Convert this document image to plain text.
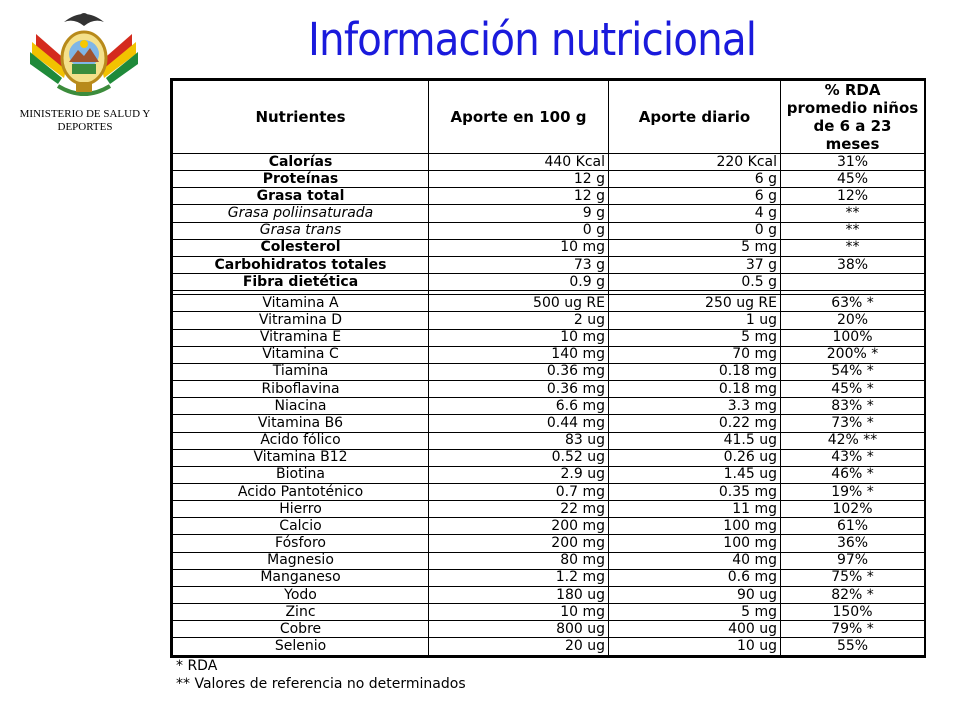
MINISTERIO DE SALUD Y DEPORTES
Información nutricional
Nutrientes	Aporte en 100 g	Aporte diario	% RDA promedio niños de 6 a 23 meses
Calorías	440 Kcal	220 Kcal	31%
Proteínas	12 g	6 g	45%
Grasa total	12 g	6 g	12%
Grasa poliinsaturada	9 g	4 g	**
Grasa trans	0 g	0 g	**
Colesterol	10 mg	5 mg	**
Carbohidratos totales	73 g	37 g	38%
Fibra dietética	0.9 g	0.5 g	

Vitamina A	500 ug RE	250 ug RE	63% *
Vitramina D	2 ug	1 ug	20%
Vitramina E	10 mg	5 mg	100%
Vitamina C	140 mg	70 mg	200% *
Tiamina	0.36 mg	0.18 mg	54% *
Riboflavina	0.36 mg	0.18 mg	45% *
Niacina	6.6 mg	3.3 mg	83% *
Vitamina B6	0.44 mg	0.22 mg	73% *
Acido fólico	83 ug	41.5 ug	42% **
Vitamina B12	0.52 ug	0.26 ug	43% *
Biotina	2.9 ug	1.45 ug	46% *
Acido Pantoténico	0.7 mg	0.35 mg	19% *
Hierro	22 mg	11 mg	102%
Calcio	200 mg	100 mg	61%
Fósforo	200 mg	100 mg	36%
Magnesio	80 mg	40 mg	97%
Manganeso	1.2 mg	0.6 mg	75% *
Yodo	180 ug	90 ug	82% *
Zinc	10 mg	5 mg	150%
Cobre	800 ug	400 ug	79% *
Selenio	20 ug	10 ug	55%
* RDA
** Valores de referencia no determinados
